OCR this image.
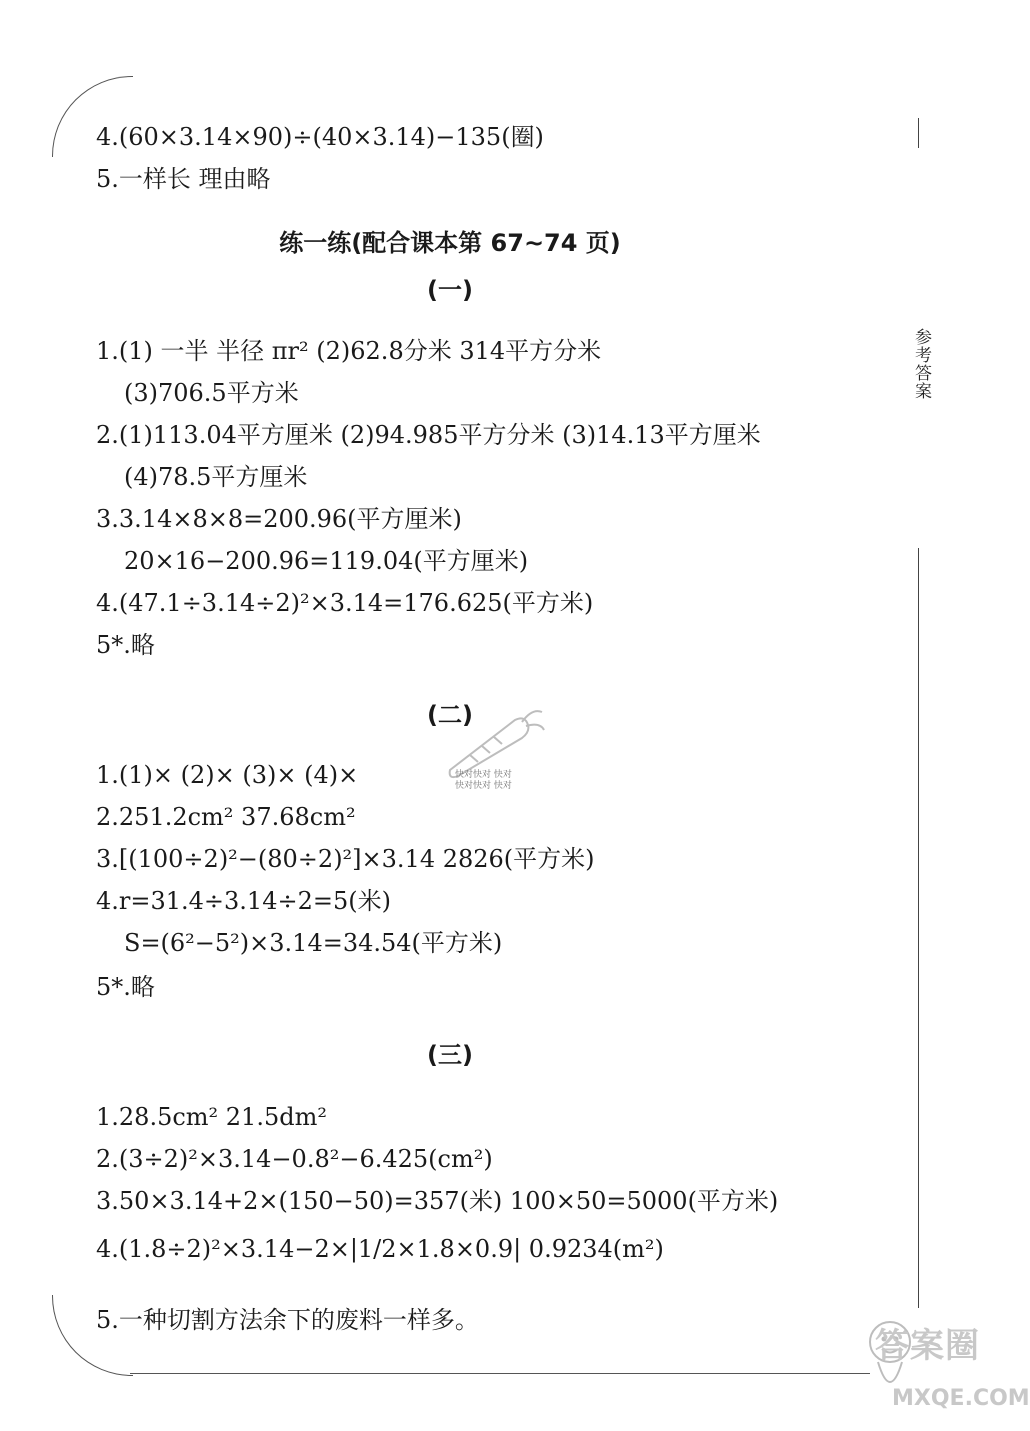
参考答案
4.(60×3.14×90)÷(40×3.14)−135(圈)
5.一样长 理由略
练一练(配合课本第 67~74 页)
(一)
1.(1) 一半 半径 πr² (2)62.8分米 314平方分米
(3)706.5平方米
2.(1)113.04平方厘米 (2)94.985平方分米 (3)14.13平方厘米
(4)78.5平方厘米
3.3.14×8×8=200.96(平方厘米)
20×16−200.96=119.04(平方厘米)
4.(47.1÷3.14÷2)²×3.14=176.625(平方米)
5*.略
(二)
1.(1)× (2)× (3)× (4)×
2.251.2cm² 37.68cm²
快对快对 快对
快对快对 快对
3.[(100÷2)²−(80÷2)²]×3.14 2826(平方米)
4.r=31.4÷3.14÷2=5(米)
S=(6²−5²)×3.14=34.54(平方米)
5*.略
(三)
1.28.5cm² 21.5dm²
2.(3÷2)²×3.14−0.8²−6.425(cm²)
3.50×3.14+2×(150−50)=357(米) 100×50=5000(平方米)
4.(1.8÷2)²×3.14−2×|1/2×1.8×0.9| 0.9234(m²)
5.一种切割方法余下的废料一样多。
答案圈
MXQE.COM
